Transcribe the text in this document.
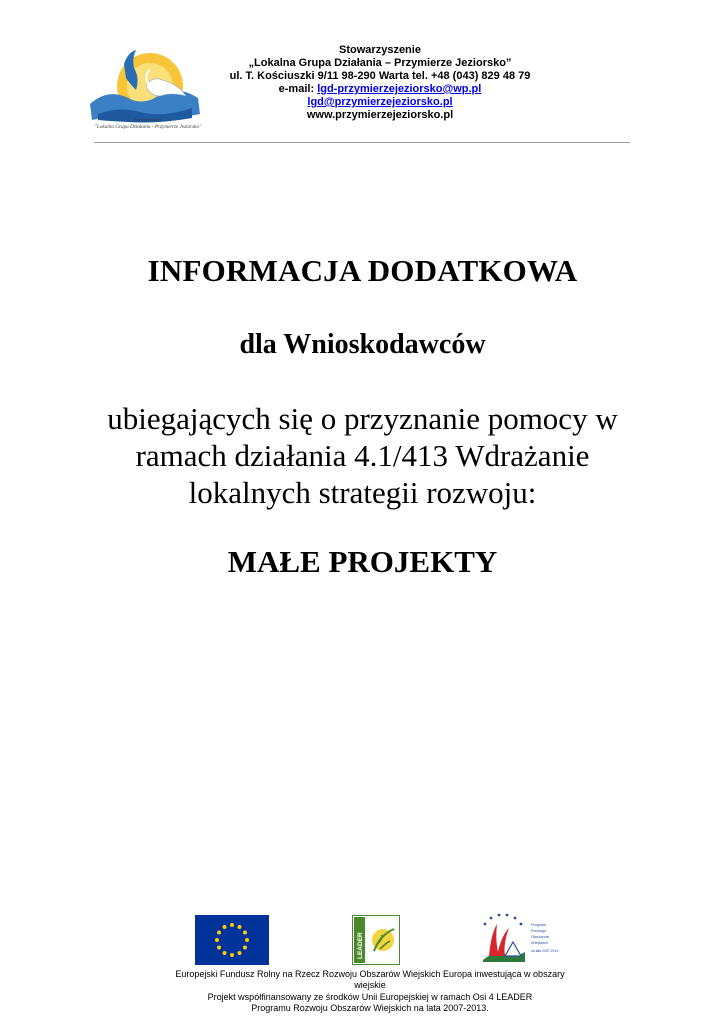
Stowarzyszenie
"Lokalna Grupa Działania - Przymierze Jeziorsko"
Stowarzyszenie
„Lokalna Grupa Działania – Przymierze Jeziorsko”
ul. T. Kościuszki 9/11 98-290 Warta tel. +48 (043) 829 48 79
e-mail: lgd-przymierzejeziorsko@wp.pl
lgd@przymierzejeziorsko.pl
www.przymierzejeziorsko.pl
INFORMACJA DODATKOWA
dla Wnioskodawców
ubiegających się o przyznanie pomocy w
ramach działania 4.1/413 Wdrażanie
lokalnych strategii rozwoju:
MAŁE PROJEKTY
LEADER
Program
Rozwoju
Obszarów
Wiejskich
na lata 2007-2013
Europejski Fundusz Rolny na Rzecz Rozwoju Obszarów Wiejskich Europa inwestująca w obszary
wiejskie
Projekt współfinansowany ze środków Unii Europejskiej w ramach Osi 4 LEADER
Programu Rozwoju Obszarów Wiejskich na lata 2007-2013.
